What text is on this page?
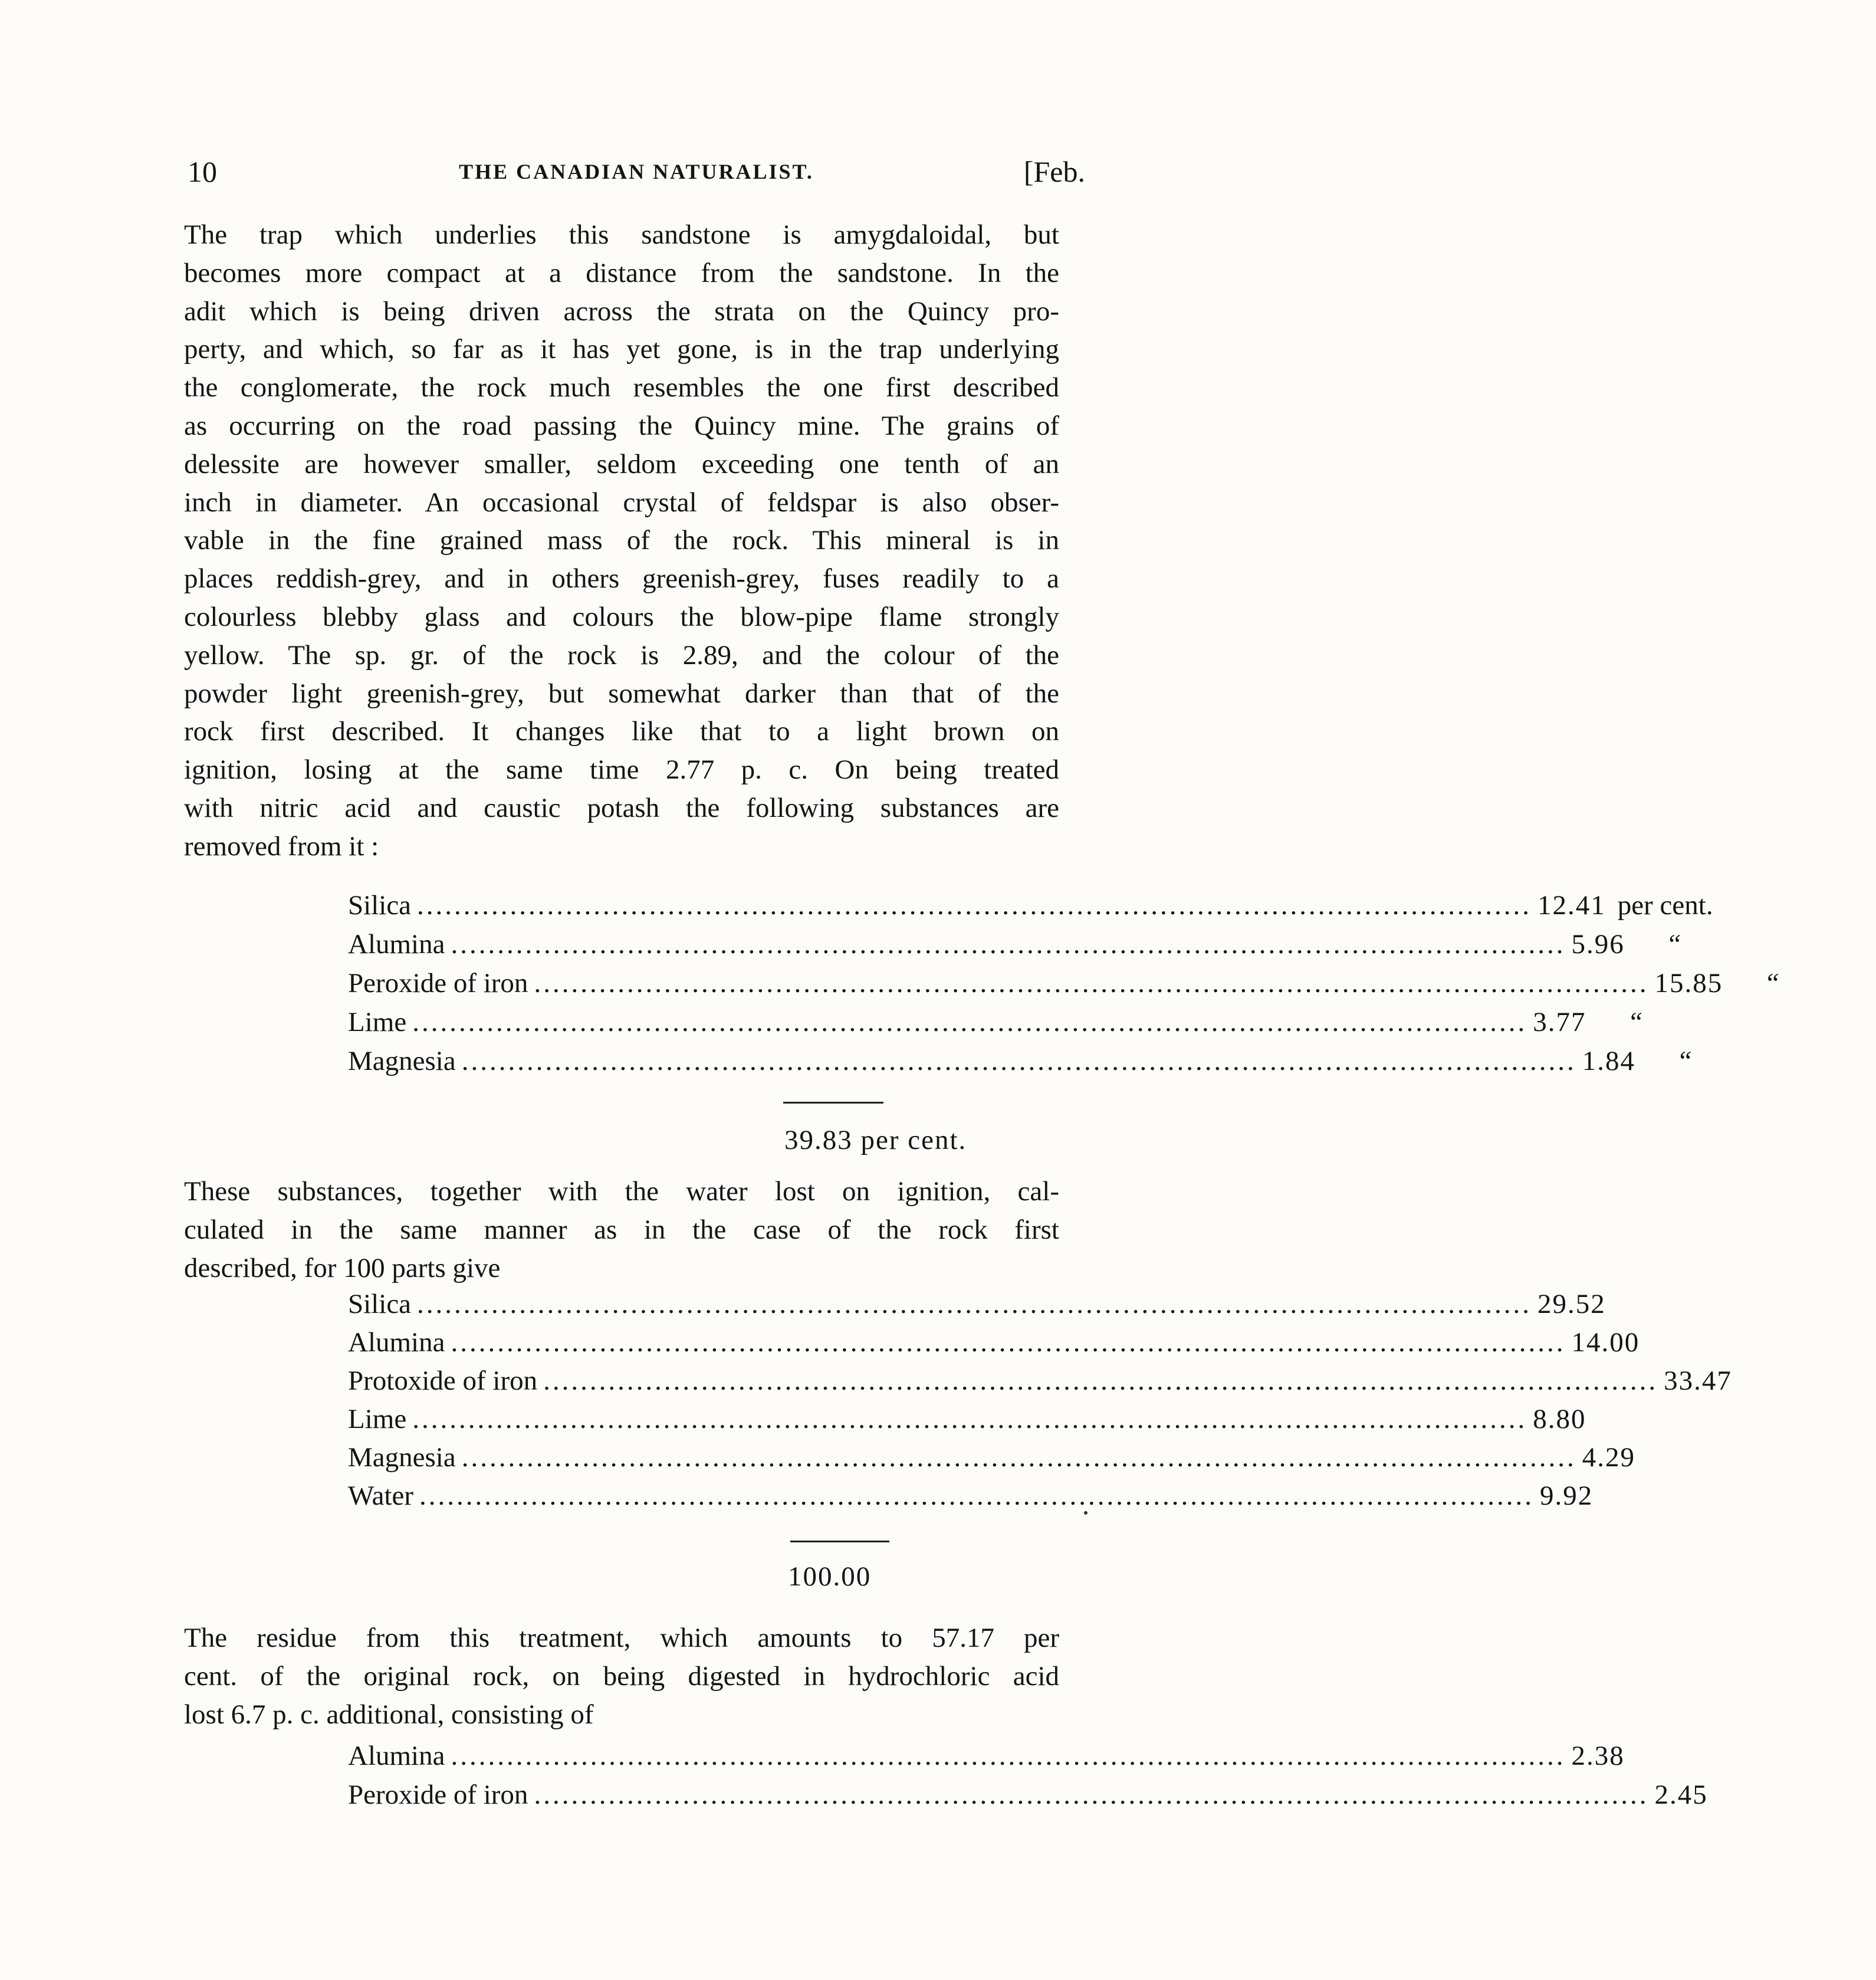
10	THE CANADIAN NATURALIST.	[Feb.
The trap which underlies this sandstone is amygdaloidal, but
becomes more compact at a distance from the sandstone. In the
adit which is being driven across the strata on the Quincy pro-
perty, and which, so far as it has yet gone, is in the trap underlying
the conglomerate, the rock much resembles the one first described
as occurring on the road passing the Quincy mine. The grains of
delessite are however smaller, seldom exceeding one tenth of an
inch in diameter. An occasional crystal of feldspar is also obser-
vable in the fine grained mass of the rock. This mineral is in
places reddish-grey, and in others greenish-grey, fuses readily to a
colourless blebby glass and colours the blow-pipe flame strongly
yellow. The sp. gr. of the rock is 2.89, and the colour of the
powder light greenish-grey, but somewhat darker than that of the
rock first described. It changes like that to a light brown on
ignition, losing at the same time 2.77 p. c. On being treated
with nitric acid and caustic potash the following substances are
removed from it :
Silica ........................................................................................................................ 12.41 per cent.
Alumina ........................................................................................................................ 5.96 “
Peroxide of iron ........................................................................................................................ 15.85 “
Lime ........................................................................................................................ 3.77 “
Magnesia ........................................................................................................................ 1.84 “
39.83 per cent.
These substances, together with the water lost on ignition, cal-
culated in the same manner as in the case of the rock first
described, for 100 parts give
Silica ........................................................................................................................ 29.52
Alumina ........................................................................................................................ 14.00
Protoxide of iron ........................................................................................................................ 33.47
Lime ........................................................................................................................ 8.80
Magnesia ........................................................................................................................ 4.29
Water ........................................................................................................................ 9.92
100.00
The residue from this treatment, which amounts to 57.17 per
cent. of the original rock, on being digested in hydrochloric acid
lost 6.7 p. c. additional, consisting of
Alumina ........................................................................................................................ 2.38
Peroxide of iron ........................................................................................................................ 2.45
